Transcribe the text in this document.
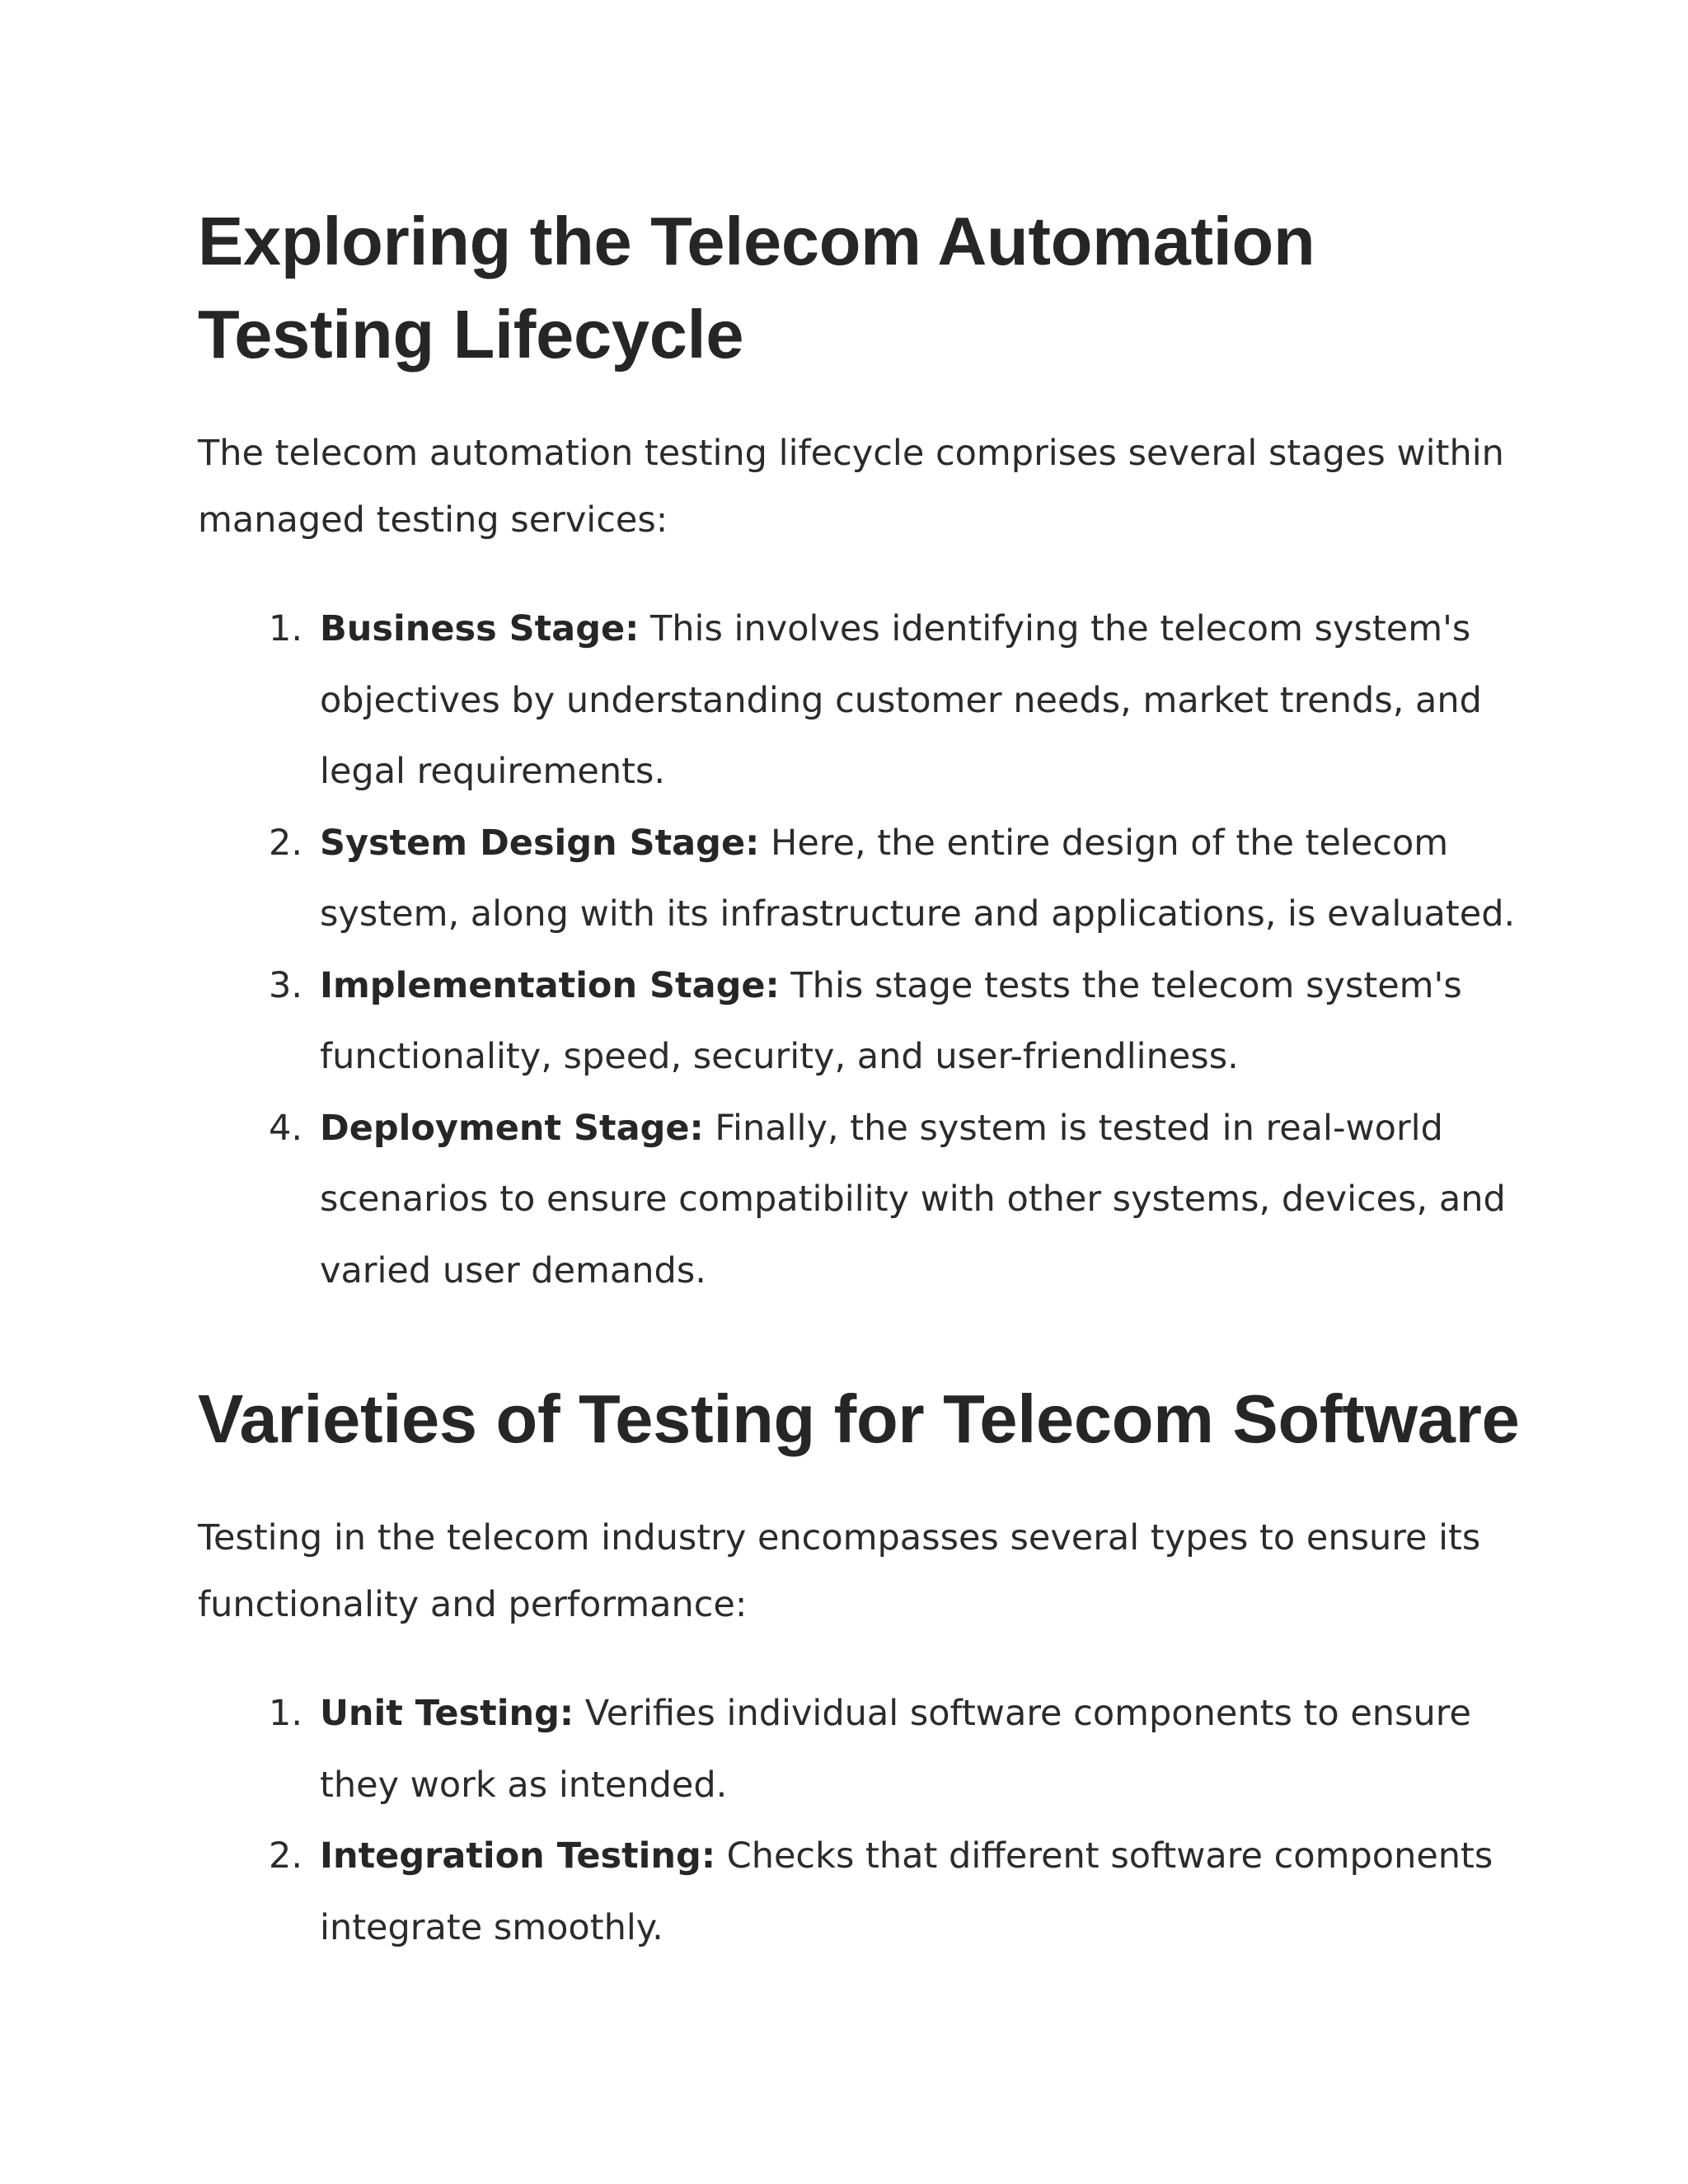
Exploring the Telecom Automation Testing Lifecycle

The telecom automation testing lifecycle comprises several stages within managed testing services:

1. Business Stage: This involves identifying the telecom system's objectives by understanding customer needs, market trends, and legal requirements.
2. System Design Stage: Here, the entire design of the telecom system, along with its infrastructure and applications, is evaluated.
3. Implementation Stage: This stage tests the telecom system's functionality, speed, security, and user-friendliness.
4. Deployment Stage: Finally, the system is tested in real-world scenarios to ensure compatibility with other systems, devices, and varied user demands.
Varieties of Testing for Telecom Software

Testing in the telecom industry encompasses several types to ensure its functionality and performance:

1. Unit Testing: Verifies individual software components to ensure they work as intended.
2. Integration Testing: Checks that different software components integrate smoothly.
